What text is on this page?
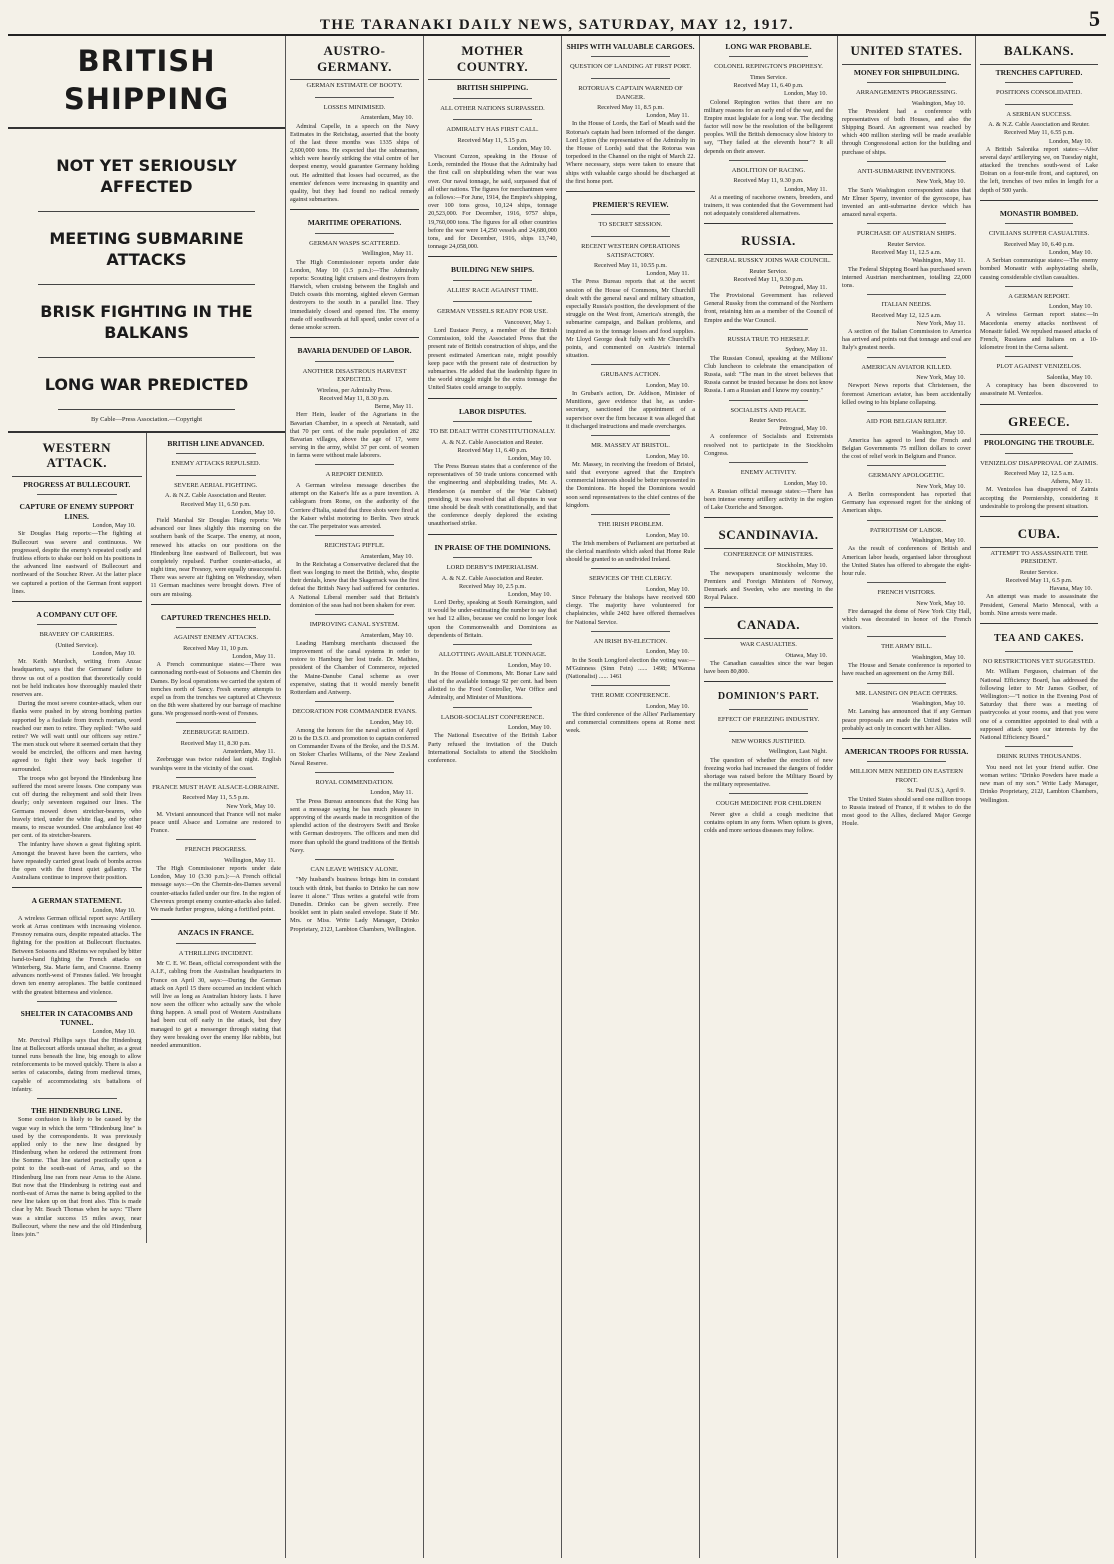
THE TARANAKI DAILY NEWS, SATURDAY, MAY 12, 1917.	5
BRITISH SHIPPING
NOT YET SERIOUSLY AFFECTED
MEETING SUBMARINE ATTACKS
BRISK FIGHTING IN THE BALKANS
LONG WAR PREDICTED
By Cable—Press Association.—Copyright
WESTERN ATTACK.
PROGRESS AT BULLECOURT.
CAPTURE OF ENEMY SUPPORT LINES.
London, May 10.

Sir Douglas Haig reports:—The fighting at Bullecourt was severe and continuous. We progressed, despite the enemy's repeated costly and fruitless efforts to shake our hold on his positions in the advanced line eastward of Bullecourt and northward of the Souchez River. At the latter place we captured a portion of the German front support lines.

A COMPANY CUT OFF.
BRAVERY OF CARRIERS.
(United Service).
London, May 10.

Mr. Keith Murdoch, writing from Anzac headquarters, says that the Germans' failure to throw us out of a position that theoretically could not be held indicates how thoroughly mauled their reserves are.

During the most severe counter-attack, when our flanks were pushed in by strong bombing parties supported by a fusilade from trench mortars, word reached our men to retire. They replied: "Who said retire? We will wait until our officers say retire." The men stuck out where it seemed certain that they would be encircled, the officers and men having agreed to fight their way back together if surrounded.

The troops who got beyond the Hindenburg line suffered the most severe losses. One company was cut off during the relieyment and sold their lives dearly; only seventeen regained our lines. The Germans mowed down stretcher-bearers, who bravely tried, under the white flag, and by other means, to rescue wounded. One ambulance lost 40 per cent. of its stretcher-bearers.

The infantry have shown a great fighting spirit. Amongst the bravest have been the carriers, who have repeatedly carried great loads of bombs across the open with the finest quiet gallantry. The Australians continue to improve their position.

A GERMAN STATEMENT.
London, May 10.

A wireless German official report says: Artillery work at Arras continues with increasing violence. Fresnoy remains ours, despite repeated attacks. The fighting for the position at Bullecourt fluctuates. Between Soissons and Rheims we repulsed by bitter hand-to-hand fighting the French attacks on Winterberg, Sta. Marie farm, and Craonne. Enemy advances north-west of Fresnes failed. We brought down ten enemy aeroplanes. The battle continued with the greatest bitterness and violence.

SHELTER IN CATACOMBS AND TUNNEL.
London, May 10.

Mr. Percival Phillips says that the Hindenburg line at Bullecourt affords unusual shelter, as a great tunnel runs beneath the line, big enough to allow reinforcements to be moved quickly. There is also a series of catacombs, dating from medieval times, capable of accommodating six battalions of infantry.

THE HINDENBURG LINE.

Some confusion is likely to be caused by the vague way in which the term "Hindenburg line" is used by the correspondents. It was previously applied only to the new line designed by Hindenburg when he ordered the retirement from the Somme. That line started practically upon a point to the south-east of Arras, and so the Hindenburg line ran from near Arras to the Aisne. But now that the Hindenburg is retiring east and north-east of Arras the name is being applied to the new line taken up on that front also. This is made clear by Mr. Beach Thomas when he says: "There was a similar success 15 miles away, near Bullecourt, where the new and the old Hindenburg lines join."

BRITISH LINE ADVANCED.
ENEMY ATTACKS REPULSED.
SEVERE AERIAL FIGHTING.
A. & N.Z. Cable Association and Reuter.
Received May 11, 6.50 p.m.
London, May 10.

Field Marshal Sir Douglas Haig reports: We advanced our lines slightly this morning on the southern bank of the Scarpe. The enemy, at noon, renewed his attacks on our positions on the Hindenburg line eastward of Bullecourt, but was completely repulsed. Further counter-attacks, at night time, near Fresnoy, were equally unsuccessful. There was severe air fighting on Wednesday, when 11 German machines were brought down. Five of ours are missing.

CAPTURED TRENCHES HELD.
AGAINST ENEMY ATTACKS.
Received May 11, 10 p.m.
London, May 11.

A French communique states:—There was cannonading north-east of Soissons and Chemin des Dames. By local operations we carried the system of trenches north of Sancy. Fresh enemy attempts to expel us from the trenches we captured at Chevreux on the 8th were shattered by our barrage of machine guns. We progressed north-west of Fresnes.

ZEEBRUGGE RAIDED.
Received May 11, 8.30 p.m.
Amsterdam, May 11.

Zeebrugge was twice raided last night. English warships were in the vicinity of the coast.

FRANCE MUST HAVE ALSACE-LORRAINE.
Received May 11, 5.5 p.m.
New York, May 10.

M. Viviani announced that France will not make peace until Alsace and Lorraine are restored to France.

FRENCH PROGRESS.
Wellington, May 11.

The High Commissioner reports under date London, May 10 (3.30 p.m.):—A French official message says:—On the Chemin-des-Dames several counter-attacks failed under our fire. In the region of Chevreux prompt enemy counter-attacks also failed. We made further progress, taking a fortified point.

ANZACS IN FRANCE.
A THRILLING INCIDENT.

Mr C. E. W. Bean, official correspondent with the A.I.F., cabling from the Australian headquarters in France on April 30, says:—During the German attack on April 15 there occurred an incident which will live as long as Australian history lasts. I have now seen the officer who actually saw the whole thing happen. A small post of Western Australians had been cut off early in the attack, but they managed to get a messenger through stating that they were breaking over the enemy like rabbits, but needed ammunition.

AUSTRO-GERMANY.
GERMAN ESTIMATE OF BOOTY.
LOSSES MINIMISED.
Amsterdam, May 10.

Admiral Capelle, in a speech on the Navy Estimates in the Reichstag, asserted that the booty of the last three months was 1335 ships of 2,600,000 tons. He expected that the submarines, which were heavily striking the vital centre of her deepest enemy, would guarantee Germany holding out. He admitted that losses had occurred, as the enemies' defences were increasing in quantity and quality, but they had found no radical remedy against submarines.

MARITIME OPERATIONS.
GERMAN WASPS SCATTERED.
Wellington, May 11.

The High Commissioner reports under date London, May 10 (1.5 p.m.):—The Admiralty reports: Scouting light cruisers and destroyers from Harwich, when cruising between the English and Dutch coasts this morning, sighted eleven German destroyers to the south in a parallel line. They immediately closed and opened fire. The enemy made off southwards at full speed, under cover of a dense smoke screen.

BAVARIA DENUDED OF LABOR.
ANOTHER DISASTROUS HARVEST EXPECTED.
Wireless, per Admiralty Press.
Received May 11, 8.30 p.m.
Berne, May 11.

Herr Hein, leader of the Agrarians in the Bavarian Chamber, in a speech at Neustadt, said that 70 per cent. of the male population of 282 Bavarian villages, above the age of 17, were serving in the army, whilst 37 per cent. of women in farms were without male laborers.

A REPORT DENIED.

A German wireless message describes the attempt on the Kaiser's life as a pure invention. A cablegram from Rome, on the authority of the Corriere d'Italia, stated that three shots were fired at the Kaiser whilst motoring to Berlin. Two struck the car. The perpetrator was arrested.

REICHSTAG PIFFLE.
Amsterdam, May 10.

In the Reichstag a Conservative declared that the fleet was longing to meet the British, who, despite their denials, knew that the Skagerrack was the first defeat the British Navy had suffered for centuries. A National Liberal member said that Britain's dominion of the seas had not been shaken for ever.

IMPROVING CANAL SYSTEM.
Amsterdam, May 10.

Leading Hamburg merchants discussed the improvement of the canal systems in order to restore to Hamburg her lost trade. Dr. Mathies, president of the Chamber of Commerce, rejected the Maine-Danube Canal scheme as over expensive, stating that it would merely benefit Rotterdam and Antwerp.

DECORATION FOR COMMANDER EVANS.
London, May 10.

Among the honors for the naval action of April 20 is the D.S.O. and promotion to captain conferred on Commander Evans of the Broke, and the D.S.M. on Stoker Charles Williams, of the New Zealand Naval Reserve.

ROYAL COMMENDATION.
London, May 11.

The Press Bureau announces that the King has sent a message saying he has much pleasure in approving of the awards made in recognition of the splendid action of the destroyers Swift and Broke with German destroyers. The officers and men did more than uphold the grand traditions of the British Navy.

CAN LEAVE WHISKY ALONE.

"My husband's business brings him in constant touch with drink, but thanks to Drinko he can now leave it alone." Thus writes a grateful wife from Dunedin. Drinko can be given secretly. Free booklet sent in plain sealed envelope. State if Mr. Mrs. or Miss. Write Lady Manager, Drinko Proprietary, 212J, Lambton Chambers, Wellington.

MOTHER COUNTRY.
BRITISH SHIPPING.
ALL OTHER NATIONS SURPASSED.
ADMIRALTY HAS FIRST CALL.
Received May 11, 5.15 p.m.
London, May 10.

Viscount Curzon, speaking in the House of Lords, reminded the House that the Admiralty had the first call on shipbuilding when the war was over. Our naval tonnage, he said, surpassed that of all other nations. The figures for merchantmen were as follows:—For June, 1914, the Empire's shipping, over 100 tons gross, 10,124 ships, tonnage 20,523,000. For December, 1916, 9757 ships, 19,760,000 tons. The figures for all other countries before the war were 14,250 vessels and 24,680,000 tons, and for December, 1916, ships 13,740, tonnage 24,058,000.

BUILDING NEW SHIPS.
ALLIES' RACE AGAINST TIME.
GERMAN VESSELS READY FOR USE.
Vancouver, May 1.

Lord Eustace Percy, a member of the British Commission, told the Associated Press that the present rate of British construction of ships, and the present estimated American rate, might possibly keep pace with the present rate of destruction by submarines. He added that the leadership figure in the world struggle might be the extra tonnage the United States could arrange to supply.

LABOR DISPUTES.
TO BE DEALT WITH CONSTITUTIONALLY.
A. & N.Z. Cable Association and Reuter.
Received May 11, 6.40 p.m.
London, May 10.

The Press Bureau states that a conference of the representatives of 50 trade unions concerned with the engineering and shipbuilding trades, Mr. A. Henderson (a member of the War Cabinet) presiding, it was resolved that all disputes in war time should be dealt with constitutionally, and that the conference deeply deplored the existing unauthorised strike.

IN PRAISE OF THE DOMINIONS.
LORD DERBY'S IMPERIALISM.
A. & N.Z. Cable Association and Reuter.
Received May 10, 2.5 p.m.
London, May 10.

Lord Derby, speaking at South Kensington, said it would be under-estimating the number to say that we had 12 allies, because we could no longer look upon the Commonwealth and Dominions as dependents of Britain.

ALLOTTING AVAILABLE TONNAGE.
London, May 10.

In the House of Commons, Mr. Bonar Law said that of the available tonnage 92 per cent. had been allotted to the Food Controller, War Office and Admiralty, and Minister of Munitions.

LABOR-SOCIALIST CONFERENCE.
London, May 10.

The National Executive of the British Labor Party refused the invitation of the Dutch International Socialists to attend the Stockholm conference.

SHIPS WITH VALUABLE CARGOES.
QUESTION OF LANDING AT FIRST PORT.
ROTORUA'S CAPTAIN WARNED OF DANGER.
Received May 11, 8.5 p.m.
London, May 11.

In the House of Lords, the Earl of Meath said the Rotorua's captain had been informed of the danger. Lord Lytton (the representative of the Admiralty in the House of Lords) said that the Rotorua was torpedoed in the Channel on the night of March 22. Where necessary, steps were taken to ensure that ships with valuable cargo should be discharged at the first home port.

PREMIER'S REVIEW.
TO SECRET SESSION.
RECENT WESTERN OPERATIONS SATISFACTORY.
Received May 11, 10.55 p.m.
London, May 11.

The Press Bureau reports that at the secret session of the House of Commons, Mr Churchill dealt with the general naval and military situation, especially Russia's position, the development of the struggle on the West front, America's strength, the submarine campaign, and Balkan problems, and inquired as to the tonnage losses and food supplies. Mr Lloyd George dealt fully with Mr Churchill's points, and commented on Austria's internal situation.

GRUBAN'S ACTION.
London, May 10.

In Gruban's action, Dr. Addison, Minister of Munitions, gave evidence that he, as under-secretary, sanctioned the appointment of a supervisor over the firm because it was alleged that it discharged instructions and made overcharges.

MR. MASSEY AT BRISTOL.
London, May 10.

Mr. Massey, in receiving the freedom of Bristol, said that everyone agreed that the Empire's commercial interests should be better represented in the Dominions. He hoped the Dominions would soon send representatives to the chief centres of the kingdom.

THE IRISH PROBLEM.
London, May 10.

The Irish members of Parliament are perturbed at the clerical manifesto which asked that Home Rule should be granted to an undivided Ireland.

SERVICES OF THE CLERGY.
London, May 10.

Since February the bishops have received 600 clergy. The majority have volunteered for chaplaincies, while 2402 have offered themselves for National Service.

AN IRISH BY-ELECTION.
London, May 10.

In the South Longford election the voting was:— M'Guinness (Sinn Fein) ...... 1498; M'Kenna (Nationalist) ...... 1461

THE ROME CONFERENCE.
London, May 10.

The third conference of the Allies' Parliamentary and commercial committees opens at Rome next week.

LONG WAR PROBABLE.
COLONEL REPINGTON'S PROPHESY.
Times Service.
Received May 11, 6.40 p.m.
London, May 10.

Colonel Repington writes that there are no military reasons for an early end of the war, and the Empire must legislate for a long war. The deciding factor will now be the resolution of the belligerent peoples. Will the British democracy slow history to say, "They failed at the eleventh hour"? It all depends on their answer.

ABOLITION OF RACING.
Received May 11, 9.30 p.m.
London, May 11.

At a meeting of racehorse owners, breeders, and trainers, it was contended that the Government had not adequately considered alternatives.

RUSSIA.
GENERAL RUSSKY JOINS WAR COUNCIL.
Reuter Service.
Received May 11, 9.30 p.m.
Petrograd, May 11.

The Provisional Government has relieved General Russky from the command of the Northern front, retaining him as a member of the Council of Empire and the War Council.

RUSSIA TRUE TO HERSELF.
Sydney, May 11.

The Russian Consul, speaking at the Millions' Club luncheon to celebrate the emancipation of Russia, said: "The man in the street believes that Russia cannot be trusted because he does not know Russia. I am a Russian and I know my country."

SOCIALISTS AND PEACE.
Reuter Service.
Petrograd, May 10.

A conference of Socialists and Extremists resolved not to participate in the Stockholm Congress.

ENEMY ACTIVITY.
London, May 10.

A Russian official message states:—There has been intense enemy artillery activity in the region of Lake Ozeriche and Smorgon.

SCANDINAVIA.
CONFERENCE OF MINISTERS.
Stockholm, May 10.

The newspapers unanimously welcome the Premiers and Foreign Ministers of Norway, Denmark and Sweden, who are meeting in the Royal Palace.

CANADA.
WAR CASUALTIES.
Ottawa, May 10.

The Canadian casualties since the war began have been 80,800.

DOMINION'S PART.
EFFECT OF FREEZING INDUSTRY.
NEW WORKS JUSTIFIED.
Wellington, Last Night.

The question of whether the erection of new freezing works had increased the dangers of fodder shortage was raised before the Military Board by the military representative.

COUGH MEDICINE FOR CHILDREN

Never give a child a cough medicine that contains opium in any form. When opium is given, colds and more serious diseases may follow.

UNITED STATES.
MONEY FOR SHIPBUILDING.
ARRANGEMENTS PROGRESSING.
Washington, May 10.

The President had a conference with representatives of both Houses, and also the Shipping Board. An agreement was reached by which 400 million sterling will be made available through Congressional action for the building and purchase of ships.

ANTI-SUBMARINE INVENTIONS.
New York, May 10.

The Sun's Washington correspondent states that Mr Elmer Sperry, inventor of the gyroscope, has invented an anti-submarine device which has amazed naval experts.

PURCHASE OF AUSTRIAN SHIPS.
Reuter Service.
Received May 11, 12.5 a.m.
Washington, May 11.

The Federal Shipping Board has purchased seven interned Austrian merchantmen, totalling 22,000 tons.

ITALIAN NEEDS.
Received May 12, 12.5 a.m.
New York, May 11.

A section of the Italian Commission to America has arrived and points out that tonnage and coal are Italy's greatest needs.

AMERICAN AVIATOR KILLED.
New York, May 10.

Newport News reports that Christensen, the foremost American aviator, has been accidentally killed owing to his biplane collapsing.

AID FOR BELGIAN RELIEF.
Washington, May 10.

America has agreed to lend the French and Belgian Governments 75 million dollars to cover the cost of relief work in Belgium and France.

GERMANY APOLOGETIC.
New York, May 10.

A Berlin correspondent has reported that Germany has expressed regret for the sinking of American ships.

PATRIOTISM OF LABOR.
Washington, May 10.

As the result of conferences of British and American labor heads, organised labor throughout the United States has offered to abrogate the eight-hour rule.

FRENCH VISITORS.
New York, May 10.

Fire damaged the dome of New York City Hall, which was decorated in honor of the French visitors.

THE ARMY BILL.
Washington, May 10.

The House and Senate conference is reported to have reached an agreement on the Army Bill.

MR. LANSING ON PEACE OFFERS.
Washington, May 10.

Mr. Lansing has announced that if any German peace proposals are made the United States will probably act only in concert with her Allies.

AMERICAN TROOPS FOR RUSSIA.
MILLION MEN NEEDED ON EASTERN FRONT.
St. Paul (U.S.), April 9.

The United States should send one million troops to Russia instead of France, if it wishes to do the most good to the Allies, declared Major George Houle.

BALKANS.
TRENCHES CAPTURED.
POSITIONS CONSOLIDATED.
A SERBIAN SUCCESS.
A. & N.Z. Cable Association and Reuter.
Received May 11, 6.55 p.m.
London, May 10.

A British Salonika report states:—After several days' artillerying we, on Tuesday night, attacked the trenches south-west of Lake Doiran on a four-mile front, and captured, on the left, trenches of two miles in length for a depth of 500 yards.

MONASTIR BOMBED.
CIVILIANS SUFFER CASUALTIES.
Received May 10, 6.40 p.m.
London, May 10.

A Serbian communique states:—The enemy bombed Monastir with asphyxiating shells, causing considerable civilian casualties.

A GERMAN REPORT.
London, May 10.

A wireless German report states:—In Macedonia enemy attacks northwest of Monastir failed. We repulsed massed attacks of French, Russians and Italians on a 10-kilometre front in the Cerna salient.

PLOT AGAINST VENIZELOS.
Salonika, May 10.

A conspiracy has been discovered to assassinate M. Venizelos.

GREECE.
PROLONGING THE TROUBLE.
VENIZELOS' DISAPPROVAL OF ZAIMIS.
Received May 12, 12.5 a.m.
Athens, May 11.

M. Venizelos has disapproved of Zaimis accepting the Premiership, considering it undesirable to prolong the present situation.

CUBA.
ATTEMPT TO ASSASSINATE THE PRESIDENT.
Reuter Service.
Received May 11, 6.5 p.m.
Havana, May 10.

An attempt was made to assassinate the President, General Mario Menocal, with a bomb. Nine arrests were made.

TEA AND CAKES.
NO RESTRICTIONS YET SUGGESTED.

Mr. William Ferguson, chairman of the National Efficiency Board, has addressed the following letter to Mr James Godber, of Wellington:—"I notice in the Evening Post of Saturday that there was a meeting of pastrycooks at your rooms, and that you were one of a committee appointed to deal with a supposed attack upon our interests by the National Efficiency Board."

DRINK RUINS THOUSANDS.

You need not let your friend suffer. One woman writes: "Drinko Powders have made a new man of my son." Write Lady Manager, Drinko Proprietary, 212J, Lambton Chambers, Wellington.
